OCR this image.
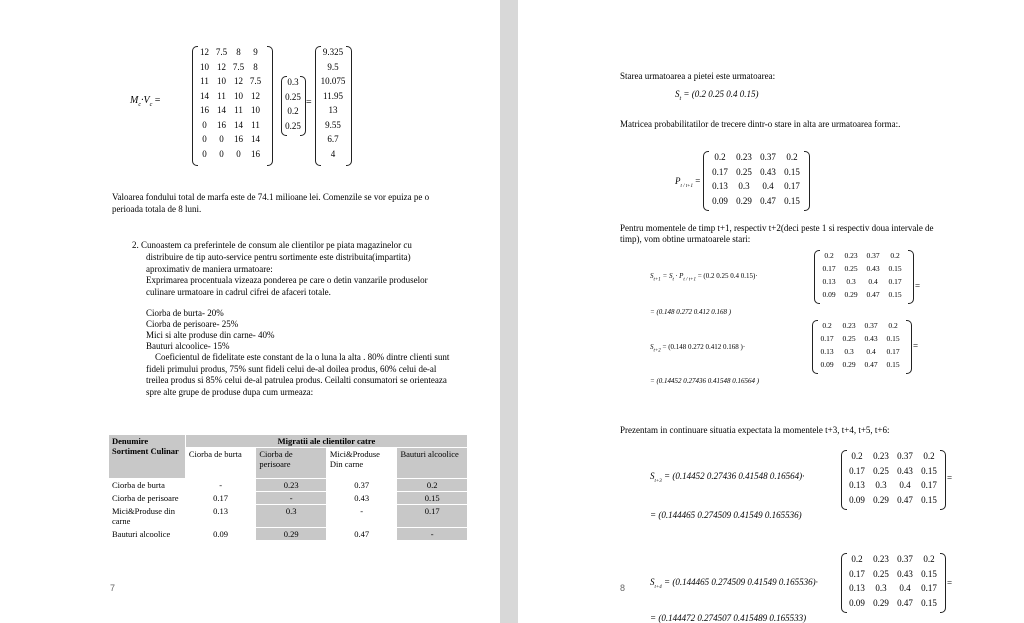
$M_c\cdot V_c$ =
12 7.5	8	9
10 12 7.5	8
11 10 12 7.5
14 11 10 12
16 14 11 10
0	16 14 11
0	0	16 14
0	0	0	16
0.3
0.25
0.2
0.25
=
9.325
9.5
10.075
11.95
13
9.55
6.7
4
Valoarea fondului total de marfa este de 74.1 milioane lei. Comenzile se vor epuiza pe o
perioada totala de 8 luni.
2. Cunoastem ca preferintele de consum ale clientilor pe piata magazinelor cu
distribuire de tip auto-service pentru sortimente este distribuita(impartita)
aproximativ de maniera urmatoare:
Exprimarea procentuala vizeaza ponderea pe care o detin vanzarile produselor
culinare urmatoare in cadrul cifrei de afaceri totale.
Ciorba de burta- 20%
Ciorba de perisoare- 25%
Mici si alte produse din carne- 40%
Bauturi alcoolice- 15%
Coeficientul de fidelitate este constant de la o luna la alta . 80% dintre clienti sunt
fideli primului produs, 75% sunt fideli celui de-al doilea produs, 60% celui de-al
treilea produs si 85% celui de-al patrulea produs. Ceilalti consumatori se orienteaza
spre alte grupe de produse dupa cum urmeaza:
Denumire Sortiment Culinar	Migratii ale clientilor catre			
	Ciorba de burta	Ciorba de perisoare	Mici&Produse Din carne	Bauturi alcoolice
Ciorba de burta	-	0.23	0.37	0.2
Ciorba de perisoare	0.17	-	0.43	0.15
Mici&Produse din carne	0.13	0.3	-	0.17
Bauturi alcoolice	0.09	0.29	0.47	-
7
Starea urmatoarea a pietei este urmatoarea:
$S_t = (0.2$ 0.25 0.4 0.15)
Matricea probabilitatilor de trecere dintr-o stare in alta are urmatoarea forma:.
$P_{t / t+1}$ =
0.2	0.23 0.37	0.2
0.17 0.25 0.43 0.15
0.13	0.3	0.4	0.17
0.09 0.29 0.47 0.15
Pentru momentele de timp t+1, respectiv t+2(deci peste 1 si respectiv doua intervale de
timp), vom obtine urmatoarele stari:
$S_{t+1} = S_t \cdot P_{t / t+1} = (0.2$ 0.25 0.4 0.15)·
0.2	0.23	0.37	0.2
0.17	0.25	0.43	0.15
0.13	0.3	0.4	0.17
0.09	0.29	0.47	0.15
=
= (0.148 0.272 0.412 0.168 )
$S_{t+2} = (0.148$ 0.272 0.412 0.168 )·
0.2	0.23	0.37	0.2
0.17	0.25	0.43	0.15
0.13	0.3	0.4	0.17
0.09	0.29	0.47	0.15
=
= (0.14452 0.27436 0.41548 0.16564 )
Prezentam in continuare situatia expectata la momentele t+3, t+4, t+5, t+6:
$S_{t+3} = (0.14452$ 0.27436 0.41548 0.16564)·
0.2	0.23 0.37	0.2
0.17 0.25 0.43 0.15
0.13	0.3	0.4	0.17
0.09 0.29 0.47 0.15
=
= (0.144465 0.274509 0.41549 0.165536)
$S_{t+4} = (0.144465$ 0.274509 0.41549 0.165536)·
0.2	0.23 0.37	0.2
0.17 0.25 0.43 0.15
0.13	0.3	0.4	0.17
0.09 0.29 0.47 0.15
=
= (0.144472 0.274507 0.415489 0.165533)
8
